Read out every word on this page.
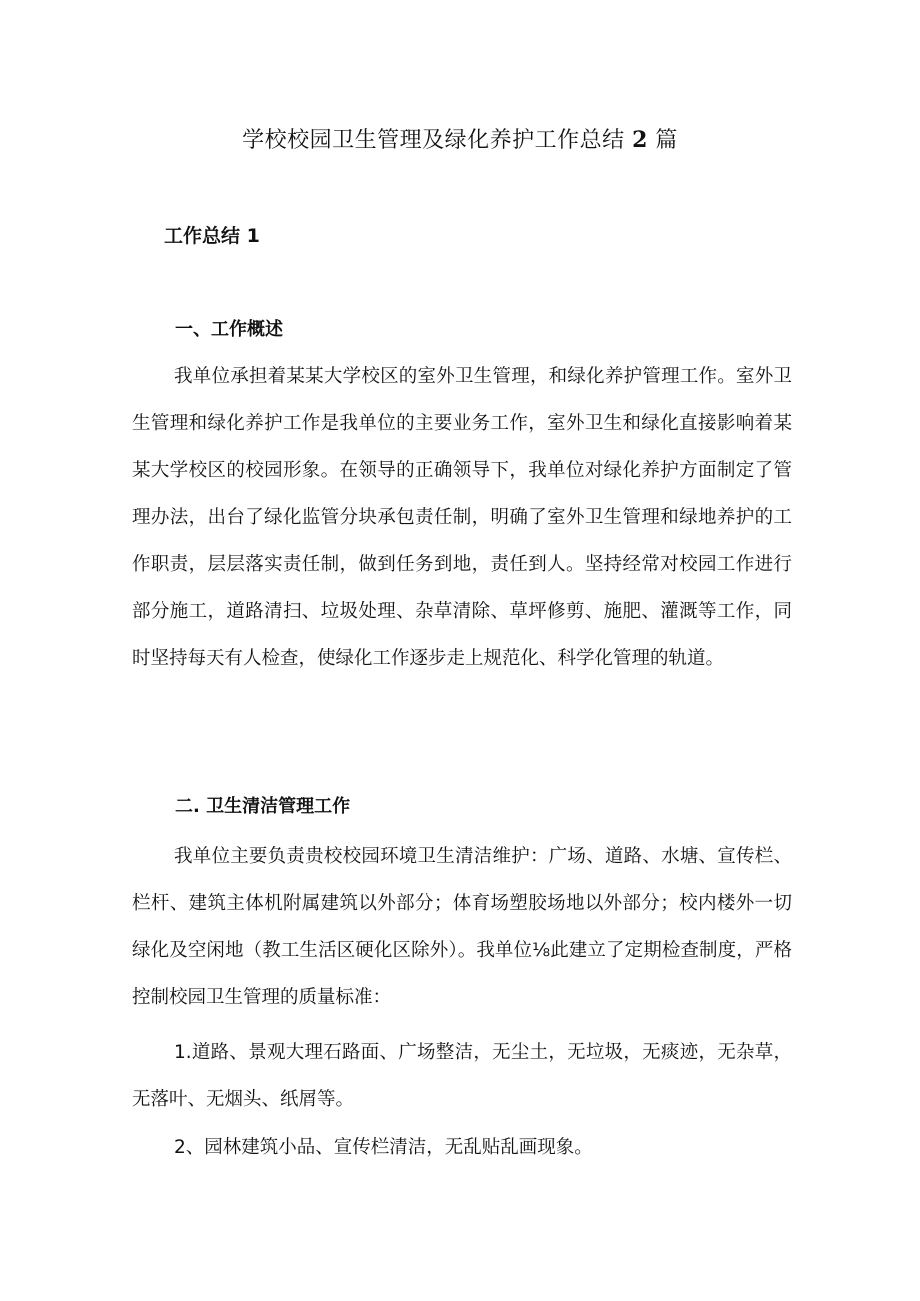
学校校园卫生管理及绿化养护工作总结 2 篇
工作总结 1
一、工作概述

我单位承担着某某大学校区的室外卫生管理，和绿化养护管理工作。室外卫生管理和绿化养护工作是我单位的主要业务工作，室外卫生和绿化直接影响着某某大学校区的校园形象。在领导的正确领导下，我单位对绿化养护方面制定了管理办法，出台了绿化监管分块承包责任制，明确了室外卫生管理和绿地养护的工作职责，层层落实责任制，做到任务到地，责任到人。坚持经常对校园工作进行部分施工，道路清扫、垃圾处理、杂草清除、草坪修剪、施肥、灌溉等工作，同时坚持每天有人检查，使绿化工作逐步走上规范化、科学化管理的轨道。

二. 卫生清洁管理工作

我单位主要负责贵校校园环境卫生清洁维护：广场、道路、水塘、宣传栏、栏杆、建筑主体机附属建筑以外部分；体育场塑胶场地以外部分；校内楼外一切绿化及空闲地（教工生活区硬化区除外）。我单位⅛此建立了定期检查制度，严格控制校园卫生管理的质量标准：

1.道路、景观大理石路面、广场整洁，无尘土，无垃圾，无痰迹，无杂草，无落叶、无烟头、纸屑等。

2、园林建筑小品、宣传栏清洁，无乱贴乱画现象。
